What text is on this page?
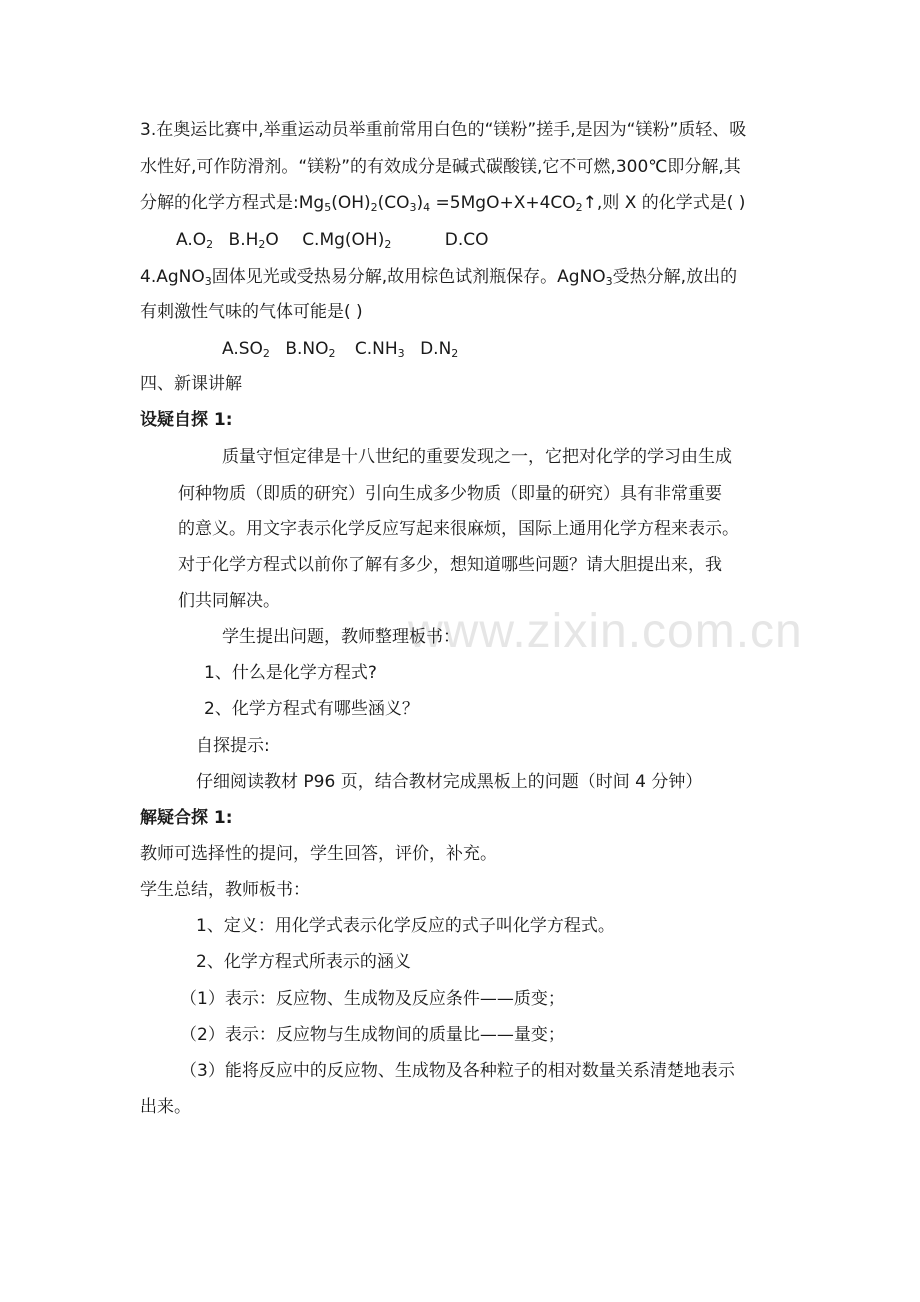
www.zixin.com.cn
3.在奥运比赛中,举重运动员举重前常用白色的“镁粉”搓手,是因为“镁粉”质轻、吸
水性好,可作防滑剂。“镁粉”的有效成分是碱式碳酸镁,它不可燃,300℃即分解,其
分解的化学方程式是$:Mg_5(OH)_2(CO_3)_4$ $=5MgO+X+4CO_2↑$,则 X 的化学式是( )
$A.O_2$ $B.H_2O$ $C.Mg(OH)_2$	D.CO
4.AgNO$_3$固体见光或受热易分解,故用棕色试剂瓶保存。AgNO$_3$受热分解,放出的
有刺激性气味的气体可能是( )
$A.SO_2$ $B.NO_2$ $C.NH_3$ $D.N_2$
四、新课讲解
设疑自探 1:
质量守恒定律是十八世纪的重要发现之一，它把对化学的学习由生成
何种物质（即质的研究）引向生成多少物质（即量的研究）具有非常重要
的意义。用文字表示化学反应写起来很麻烦，国际上通用化学方程来表示。
对于化学方程式以前你了解有多少，想知道哪些问题？请大胆提出来，我
们共同解决。
学生提出问题，教师整理板书：
1、什么是化学方程式?
2、化学方程式有哪些涵义？
自探提示:
仔细阅读教材 P96 页，结合教材完成黑板上的问题（时间 4 分钟）
解疑合探 1:
教师可选择性的提问，学生回答，评价，补充。
学生总结，教师板书：
1、定义：用化学式表示化学反应的式子叫化学方程式。
2、化学方程式所表示的涵义
（1）表示：反应物、生成物及反应条件——质变；
（2）表示：反应物与生成物间的质量比——量变；
（3）能将反应中的反应物、生成物及各种粒子的相对数量关系清楚地表示
出来。
